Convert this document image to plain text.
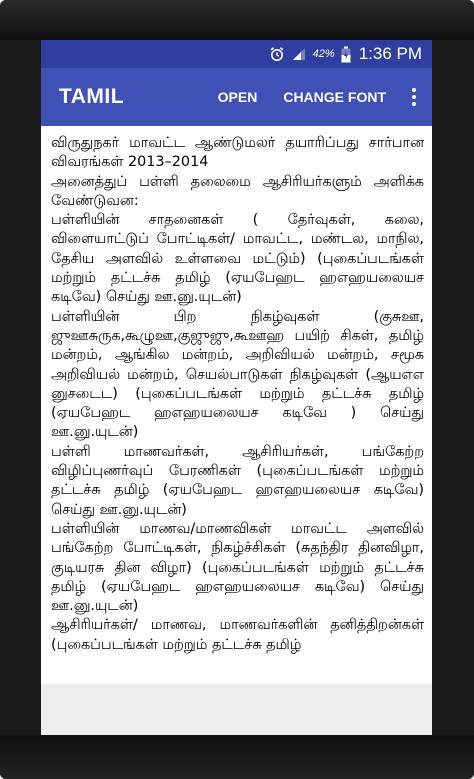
42% 1:36 PM
TAMIL	OPEN CHANGE FONT

விருதுநகர் மாவட்ட ஆண்டுமலர் தயாரிப்பது சார்பான விவரங்கள் 2013–2014
அனைத்துப் பள்ளி தலைமை ஆசிரியர்களும் அளிக்க வேண்டுவன:
பள்ளியின் சாதனைகள் ( தேர்வுகள், கலை, விளையாட்டுப் போட்டிகள்/ மாவட்ட, மண்டல, மாநில, தேசிய அளவில் உள்ளவை மட்டும்) (புகைப்படங்கள் மற்றும் தட்டச்சு தமிழ் (ஏயபேஹட ஹஎஹயலையச கடிவே) செய்து ஊ.னு.யுடன்)
பள்ளியின் பிற நிகழ்வுகள் (குசுஊ, ஜுஊசுருக,கூழுஊ,குஜுஜு,கூஊஹ பயிற் சிகள், தமிழ் மன்றம், ஆங்கில மன்றம், அறிவியல் மன்றம், சமூக அறிவியல் மன்றம், செயல்பாடுகள் நிகழ்வுகள் (ஆயஎஎ னுசடைட) (புகைப்படங்கள் மற்றும் தட்டச்சு தமிழ் (ஏயபேஹட ஹஎஹயலையச கடிவே ) செய்து ஊ.னு.யுடன்)
பள்ளி மாணவர்கள், ஆசிரியர்கள், பங்கேற்ற விழிப்புணர்வுப் பேரணிகள் (புகைப்படங்கள் மற்றும் தட்டச்சு தமிழ் (ஏயபேஹட ஹஎஹயலையச கடிவே) செய்து ஊ.னு.யுடன்)
பள்ளியின் மாணவ/மாணவிகள் மாவட்ட அளவில் பங்கேற்ற போட்டிகள், நிகழ்ச்சிகள் (சுதந்திர தினவிழா, குடியரசு தின விழா) (புகைப்படங்கள் மற்றும் தட்டச்சு தமிழ் (ஏயபேஹட ஹஎஹயலையச கடிவே) செய்து ஊ.னு.யுடன்)
ஆசிரியர்கள்/ மாணவ, மாணவர்களின் தனித்திறன்கள் (புகைப்படங்கள் மற்றும் தட்டச்சு தமிழ்
